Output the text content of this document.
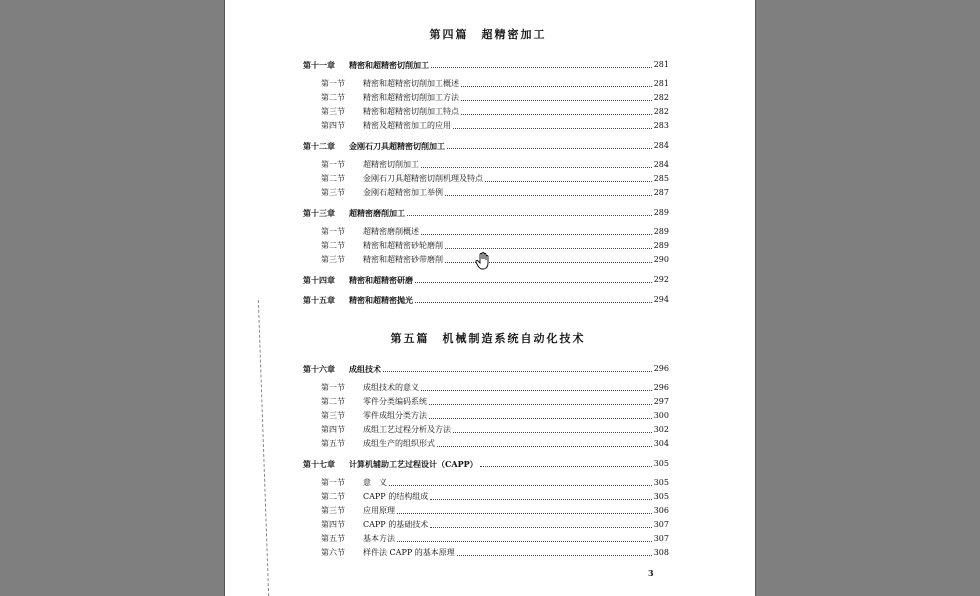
第四篇　超精密加工
第十一章	精密和超精密切削加工	281
第一节	精密和超精密切削加工概述	281
第二节	精密和超精密切削加工方法	282
第三节	精密和超精密切削加工特点	282
第四节	精密及超精密加工的应用	283
第十二章	金刚石刀具超精密切削加工	284
第一节	超精密切削加工	284
第二节	金刚石刀具超精密切削机理及特点	285
第三节	金刚石超精密加工举例	287
第十三章	超精密磨削加工	289
第一节	超精密磨削概述	289
第二节	精密和超精密砂轮磨削	289
第三节	精密和超精密砂带磨削	290
第十四章	精密和超精密研磨	292
第十五章	精密和超精密抛光	294
第五篇　机械制造系统自动化技术
第十六章	成组技术	296
第一节	成组技术的意义	296
第二节	零件分类编码系统	297
第三节	零件成组分类方法	300
第四节	成组工艺过程分析及方法	302
第五节	成组生产的组织形式	304
第十七章	计算机辅助工艺过程设计（CAPP）	305
第一节	意　义	305
第二节	CAPP 的结构组成	305
第三节	应用原理	306
第四节	CAPP 的基础技术	307
第五节	基本方法	307
第六节	样件法 CAPP 的基本原理	308
3
